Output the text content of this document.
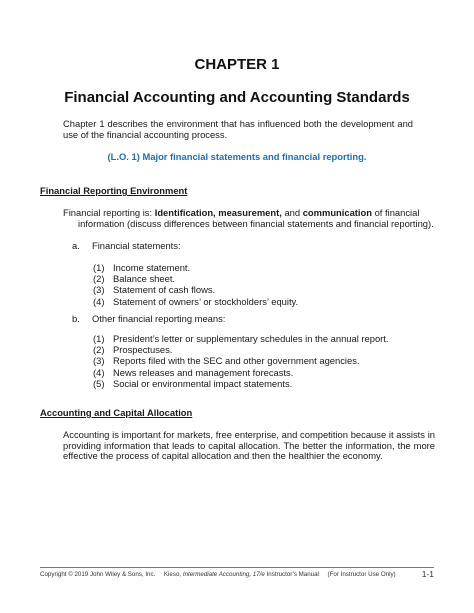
CHAPTER 1
Financial Accounting and Accounting Standards
Chapter 1 describes the environment that has influenced both the development and use of the financial accounting process.
(L.O. 1) Major financial statements and financial reporting.
Financial Reporting Environment
Financial reporting is: Identification, measurement, and communication of financial
information (discuss differences between financial statements and financial reporting).
a. Financial statements:
(1) Income statement.
(2) Balance sheet.
(3) Statement of cash flows.
(4) Statement of owners’ or stockholders’ equity.
b. Other financial reporting means:
(1) President’s letter or supplementary schedules in the annual report.
(2) Prospectuses.
(3) Reports filed with the SEC and other government agencies.
(4) News releases and management forecasts.
(5) Social or environmental impact statements.
Accounting and Capital Allocation
Accounting is important for markets, free enterprise, and competition because it assists in providing information that leads to capital allocation. The better the information, the more effective the process of capital allocation and then the healthier the economy.
Copyright © 2019 John Wiley & Sons, Inc. Kieso, Intermediate Accounting, 17/e Instructor’s Manual (For Instructor Use Only)	1-1
